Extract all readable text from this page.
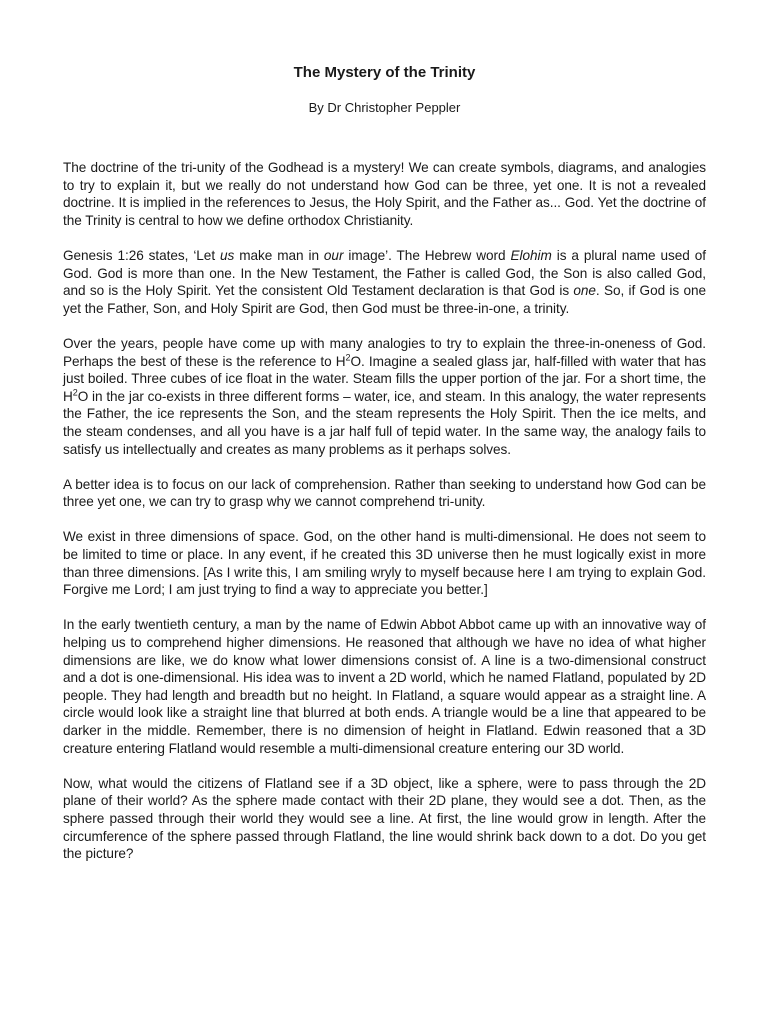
The Mystery of the Trinity

By Dr Christopher Peppler

The doctrine of the tri-unity of the Godhead is a mystery! We can create symbols, diagrams, and analogies to try to explain it, but we really do not understand how God can be three, yet one. It is not a revealed doctrine. It is implied in the references to Jesus, the Holy Spirit, and the Father as... God. Yet the doctrine of the Trinity is central to how we define orthodox Christianity.

Genesis 1:26 states, ‘Let us make man in our image’. The Hebrew word Elohim is a plural name used of God. God is more than one. In the New Testament, the Father is called God, the Son is also called God, and so is the Holy Spirit. Yet the consistent Old Testament declaration is that God is one. So, if God is one yet the Father, Son, and Holy Spirit are God, then God must be three-in-one, a trinity.

Over the years, people have come up with many analogies to try to explain the three-in-oneness of God. Perhaps the best of these is the reference to $H^2O$. Imagine a sealed glass jar, half-filled with water that has just boiled. Three cubes of ice float in the water. Steam fills the upper portion of the jar. For a short time, the $H^2O$ in the jar co-exists in three different forms – water, ice, and steam. In this analogy, the water represents the Father, the ice represents the Son, and the steam represents the Holy Spirit. Then the ice melts, and the steam condenses, and all you have is a jar half full of tepid water. In the same way, the analogy fails to satisfy us intellectually and creates as many problems as it perhaps solves.

A better idea is to focus on our lack of comprehension. Rather than seeking to understand how God can be three yet one, we can try to grasp why we cannot comprehend tri-unity.

We exist in three dimensions of space. God, on the other hand is multi-dimensional. He does not seem to be limited to time or place. In any event, if he created this 3D universe then he must logically exist in more than three dimensions. [As I write this, I am smiling wryly to myself because here I am trying to explain God. Forgive me Lord; I am just trying to find a way to appreciate you better.]

In the early twentieth century, a man by the name of Edwin Abbot Abbot came up with an innovative way of helping us to comprehend higher dimensions. He reasoned that although we have no idea of what higher dimensions are like, we do know what lower dimensions consist of. A line is a two-dimensional construct and a dot is one-dimensional. His idea was to invent a 2D world, which he named Flatland, populated by 2D people. They had length and breadth but no height. In Flatland, a square would appear as a straight line. A circle would look like a straight line that blurred at both ends. A triangle would be a line that appeared to be darker in the middle. Remember, there is no dimension of height in Flatland. Edwin reasoned that a 3D creature entering Flatland would resemble a multi-dimensional creature entering our 3D world.

Now, what would the citizens of Flatland see if a 3D object, like a sphere, were to pass through the 2D plane of their world? As the sphere made contact with their 2D plane, they would see a dot. Then, as the sphere passed through their world they would see a line. At first, the line would grow in length. After the circumference of the sphere passed through Flatland, the line would shrink back down to a dot. Do you get the picture?
